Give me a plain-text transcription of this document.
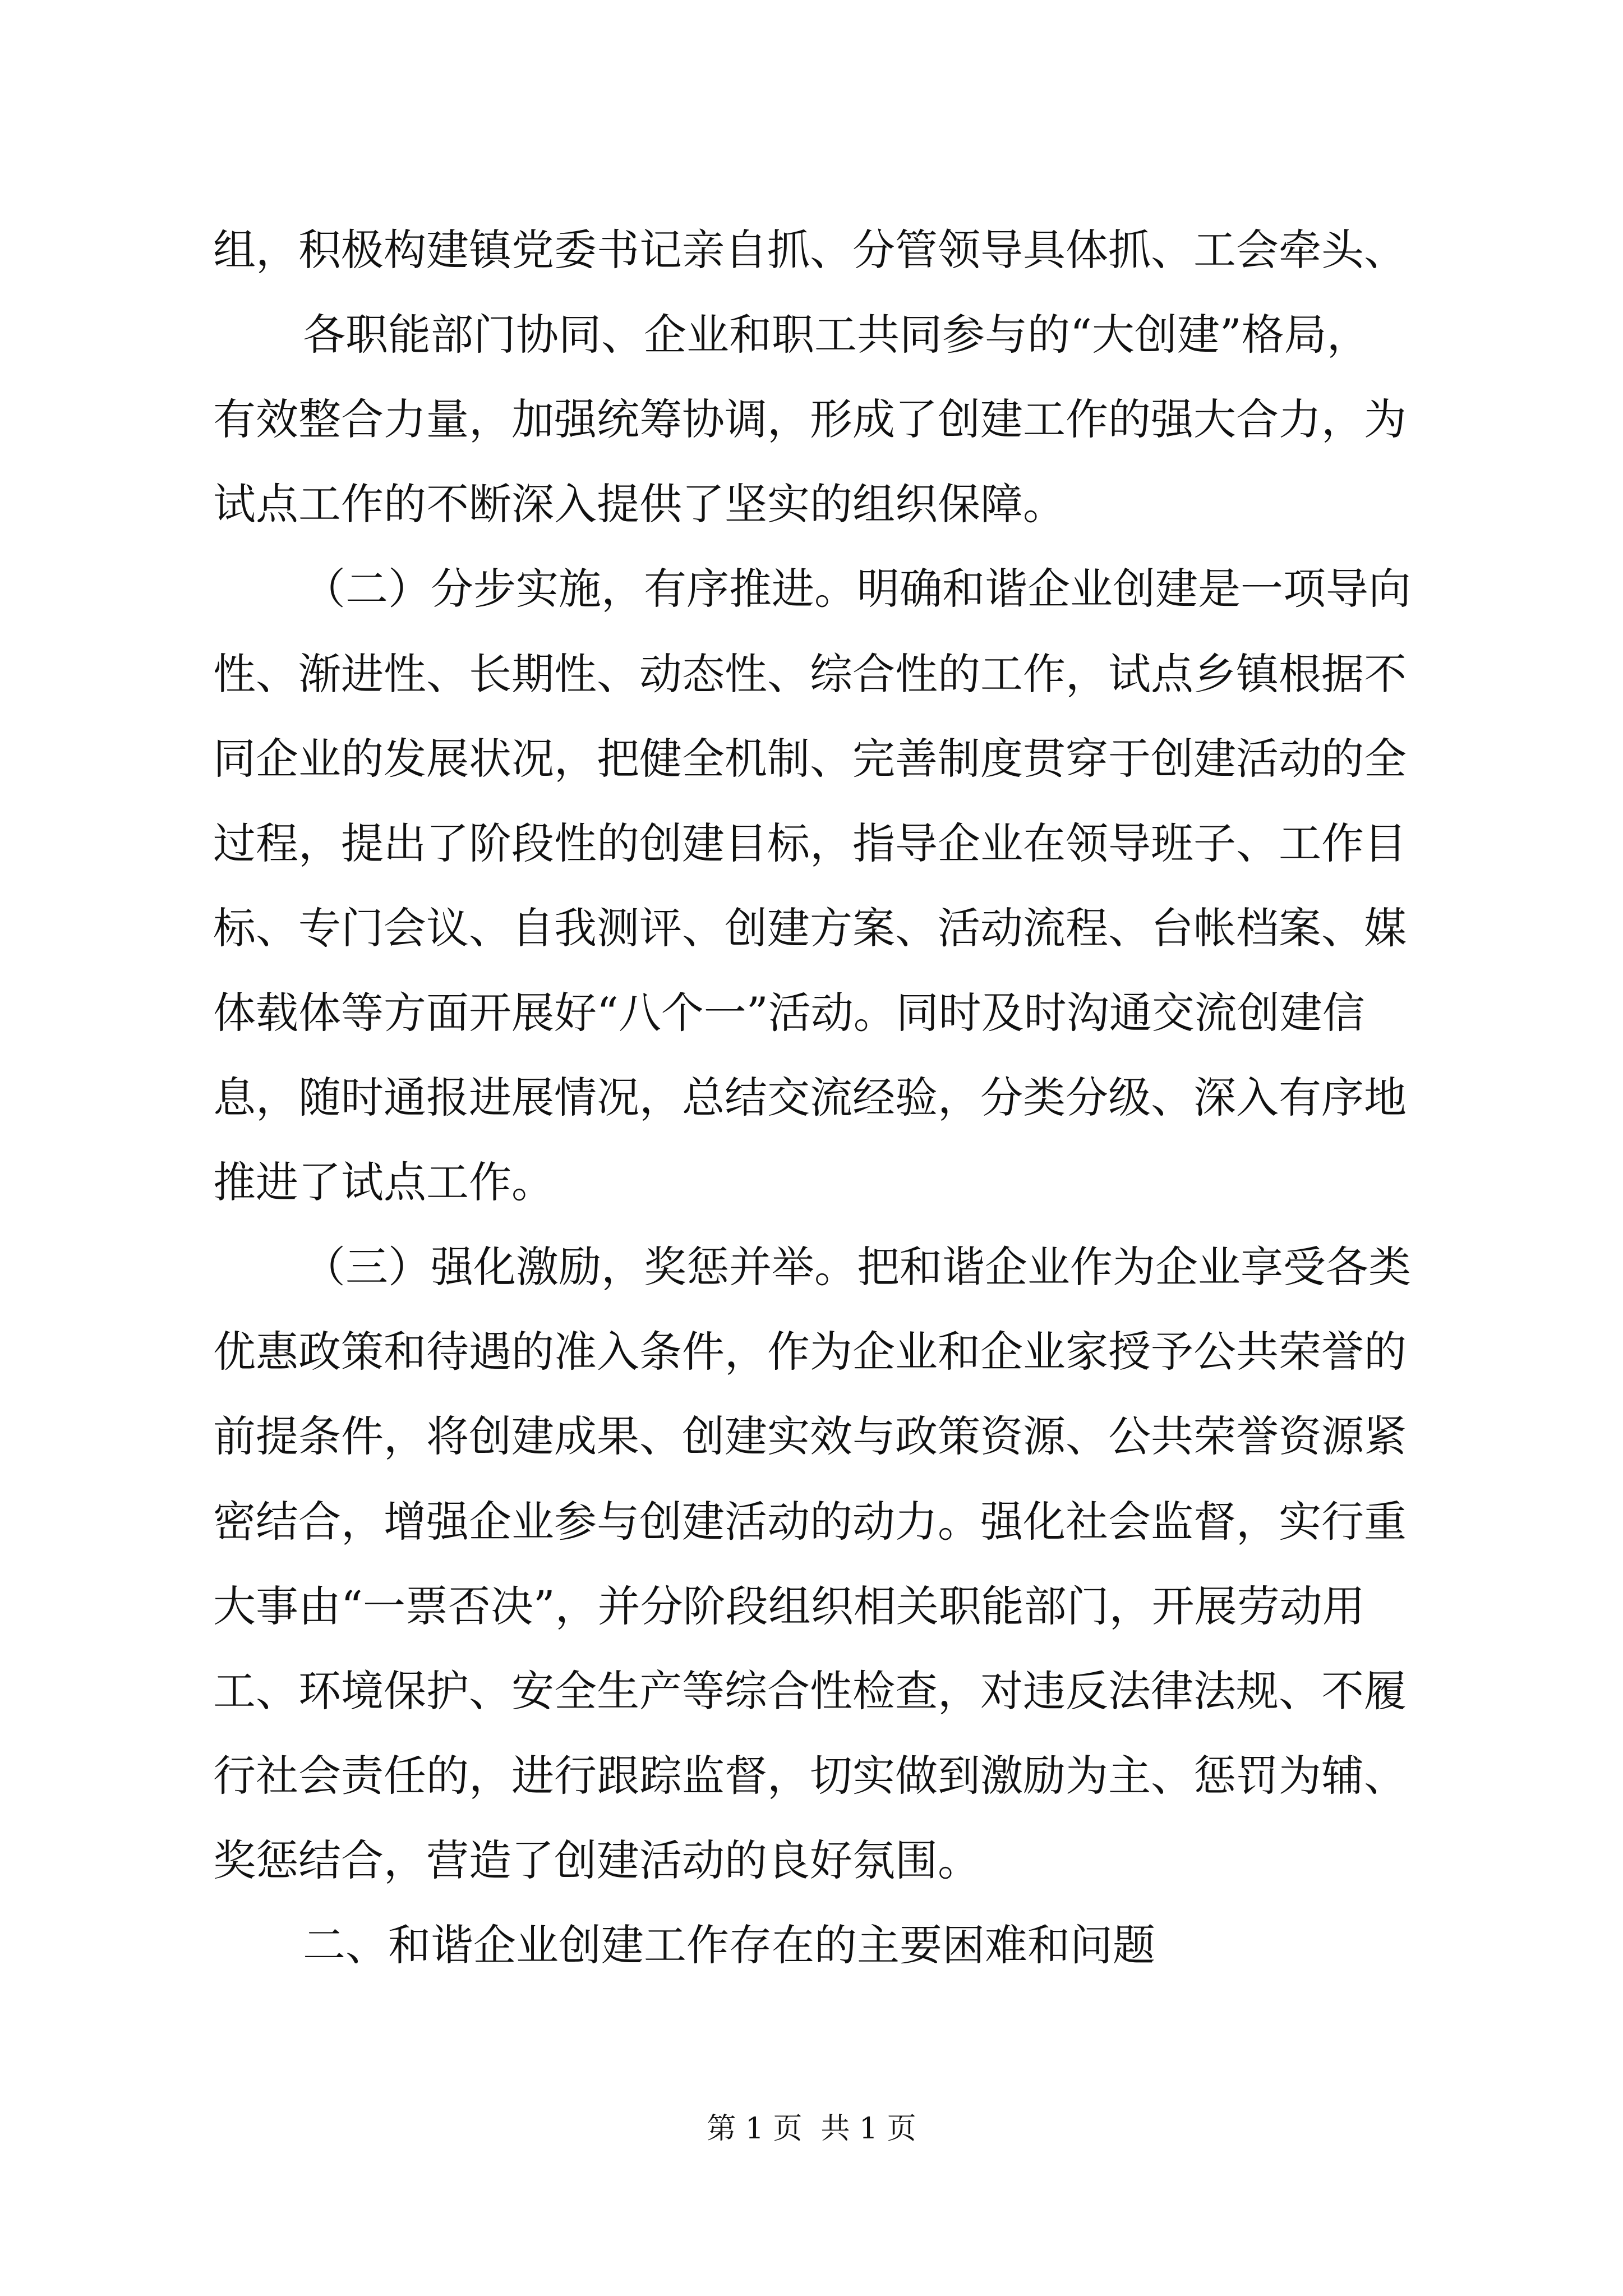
组，积极构建镇党委书记亲自抓、分管领导具体抓、工会牵头、
各职能部门协同、企业和职工共同参与的“大创建”格局，
有效整合力量，加强统筹协调，形成了创建工作的强大合力，为
试点工作的不断深入提供了坚实的组织保障。
（二）分步实施，有序推进。明确和谐企业创建是一项导向
性、渐进性、长期性、动态性、综合性的工作，试点乡镇根据不
同企业的发展状况，把健全机制、完善制度贯穿于创建活动的全
过程，提出了阶段性的创建目标，指导企业在领导班子、工作目
标、专门会议、自我测评、创建方案、活动流程、台帐档案、媒
体载体等方面开展好“八个一”活动。同时及时沟通交流创建信
息，随时通报进展情况，总结交流经验，分类分级、深入有序地
推进了试点工作。
（三）强化激励，奖惩并举。把和谐企业作为企业享受各类
优惠政策和待遇的准入条件，作为企业和企业家授予公共荣誉的
前提条件，将创建成果、创建实效与政策资源、公共荣誉资源紧
密结合，增强企业参与创建活动的动力。强化社会监督，实行重
大事由“一票否决”，并分阶段组织相关职能部门，开展劳动用
工、环境保护、安全生产等综合性检查，对违反法律法规、不履
行社会责任的，进行跟踪监督，切实做到激励为主、惩罚为辅、
奖惩结合，营造了创建活动的良好氛围。
二、和谐企业创建工作存在的主要困难和问题
第 1 页  共 1 页
